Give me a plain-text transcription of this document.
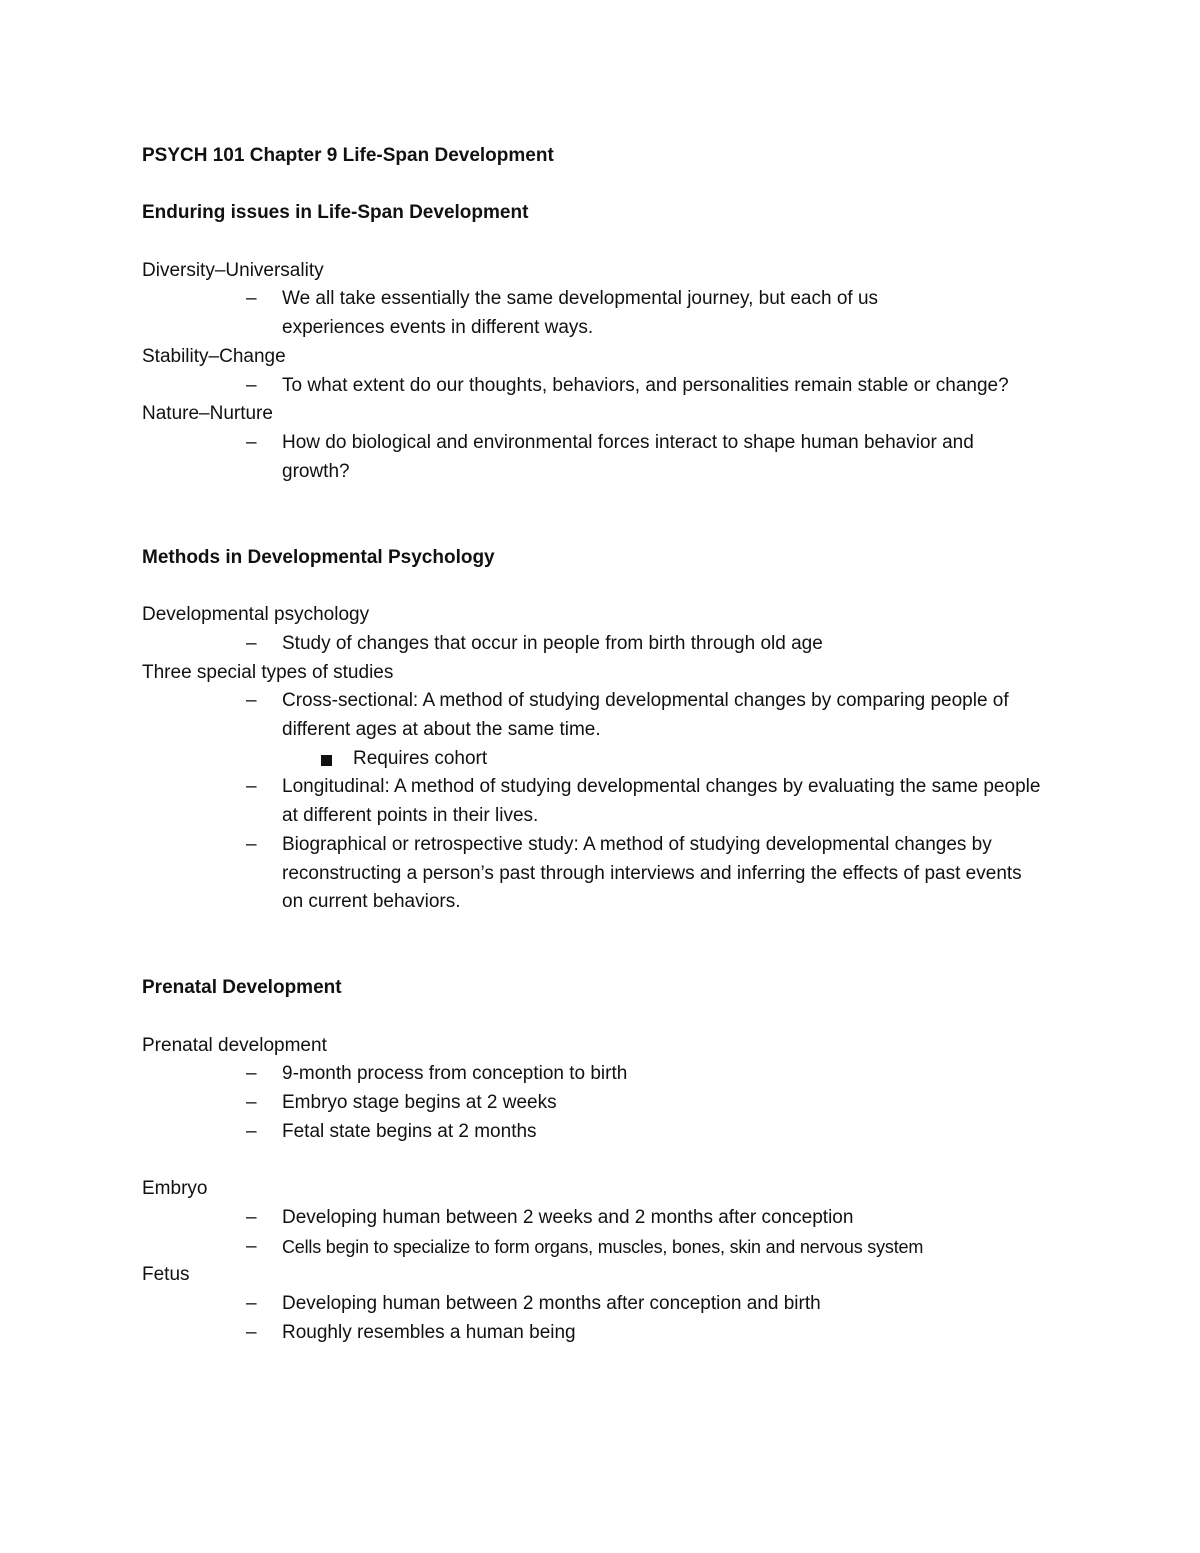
PSYCH 101 Chapter 9 Life-Span Development

Enduring issues in Life-Span Development

Diversity–Universality

– We all take essentially the same developmental journey, but each of us experiences events in different ways.

Stability–Change

– To what extent do our thoughts, behaviors, and personalities remain stable or change?

Nature–Nurture

– How do biological and environmental forces interact to shape human behavior and growth?

Methods in Developmental Psychology

Developmental psychology

– Study of changes that occur in people from birth through old age

Three special types of studies

– Cross-sectional: A method of studying developmental changes by comparing people of different ages at about the same time.
Requires cohort
– Longitudinal: A method of studying developmental changes by evaluating the same people at different points in their lives.
– Biographical or retrospective study: A method of studying developmental changes by reconstructing a person’s past through interviews and inferring the effects of past events on current behaviors.

Prenatal Development

Prenatal development

– 9-month process from conception to birth
– Embryo stage begins at 2 weeks
– Fetal state begins at 2 months

Embryo

– Developing human between 2 weeks and 2 months after conception
– Cells begin to specialize to form organs, muscles, bones, skin and nervous system

Fetus

– Developing human between 2 months after conception and birth
– Roughly resembles a human being
